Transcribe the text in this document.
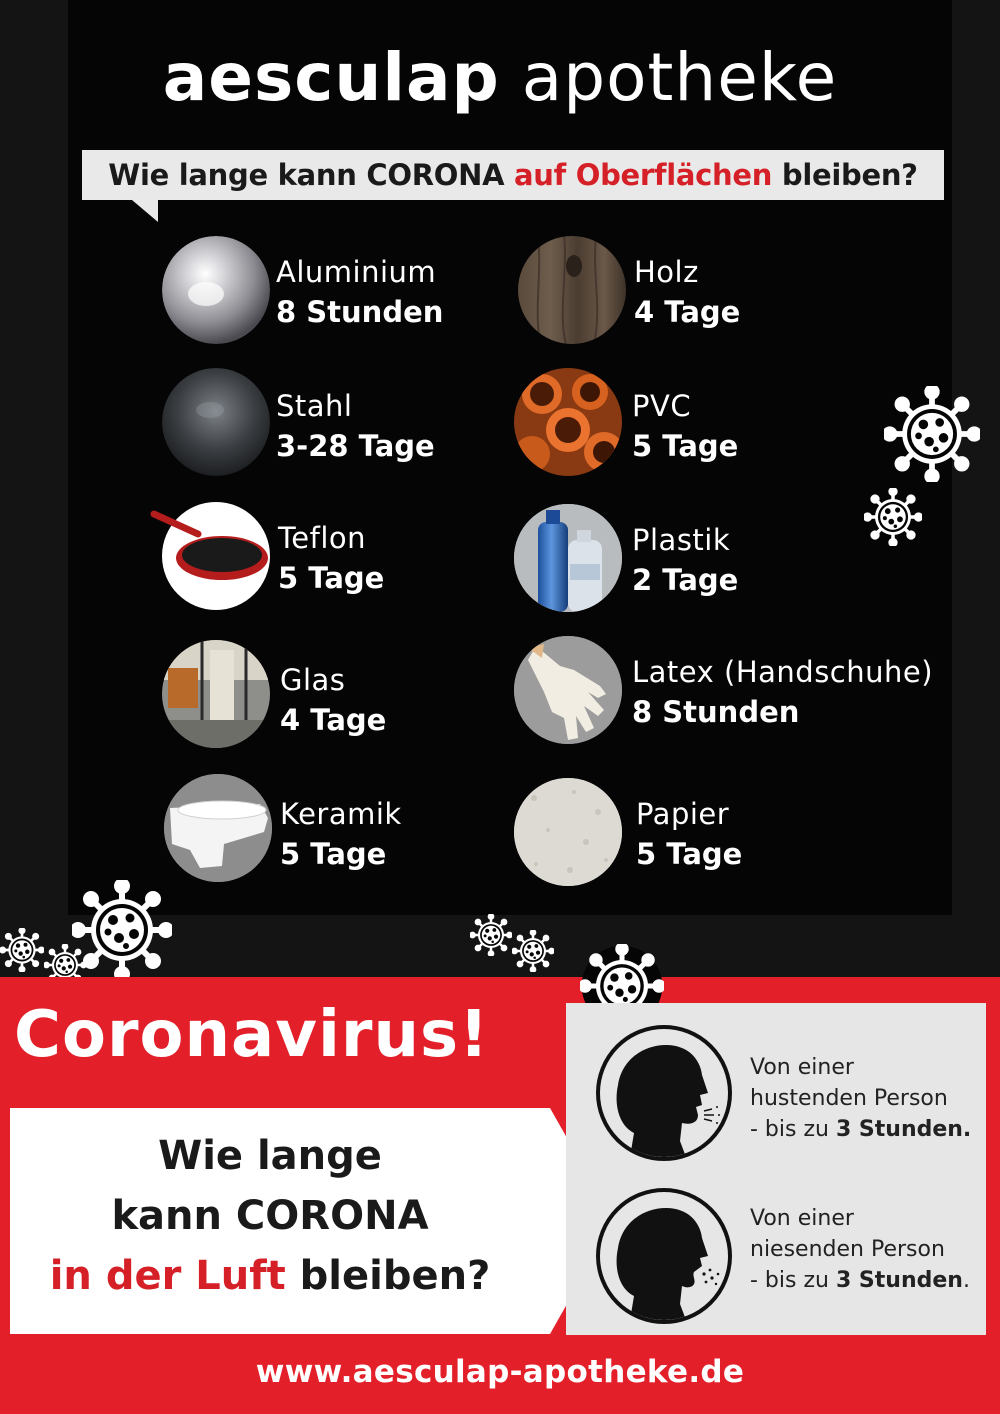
aesculap apotheke
Wie lange kann CORONA auf Oberflächen bleiben?
Aluminium
8 Stunden
Holz
4 Tage
Stahl
3-28 Tage
PVC
5 Tage
Teflon
5 Tage
Plastik
2 Tage
Glas
4 Tage
Latex (Handschuhe)
8 Stunden
Keramik
5 Tage
Papier
5 Tage
Coronavirus!
Wie lange
kann CORONA
in der Luft bleiben?
Von einer
hustenden Person
- bis zu 3 Stunden.
Von einer
niesenden Person
- bis zu 3 Stunden.
www.aesculap-apotheke.de
